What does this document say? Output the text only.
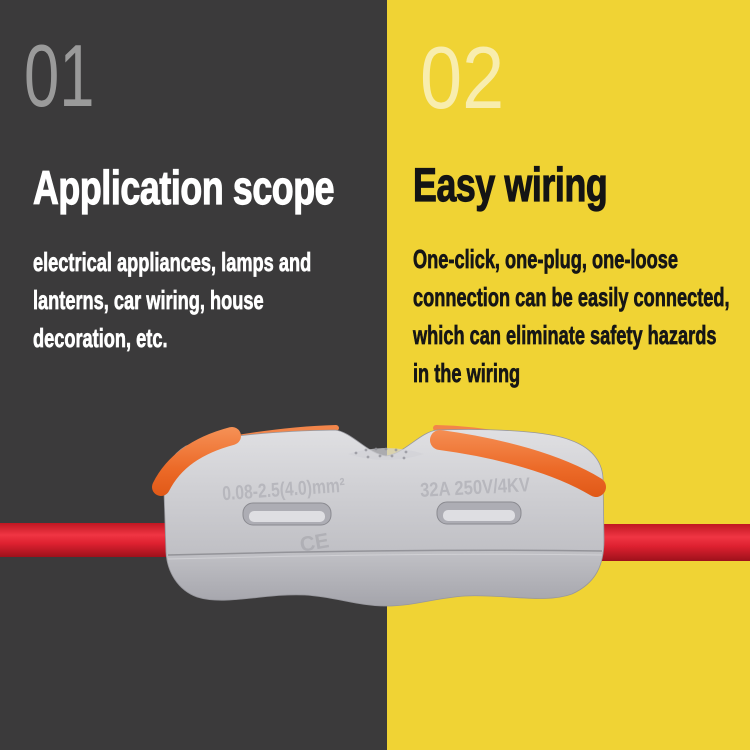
01
Application scope
electrical appliances, lamps and
lanterns, car wiring, house
decoration, etc.
02
Easy wiring
One-click, one-plug, one-loose
connection can be easily connected,
which can eliminate safety hazards
in the wiring
0.08-2.5(4.0)mm² 32A 250V/4KV
CE
